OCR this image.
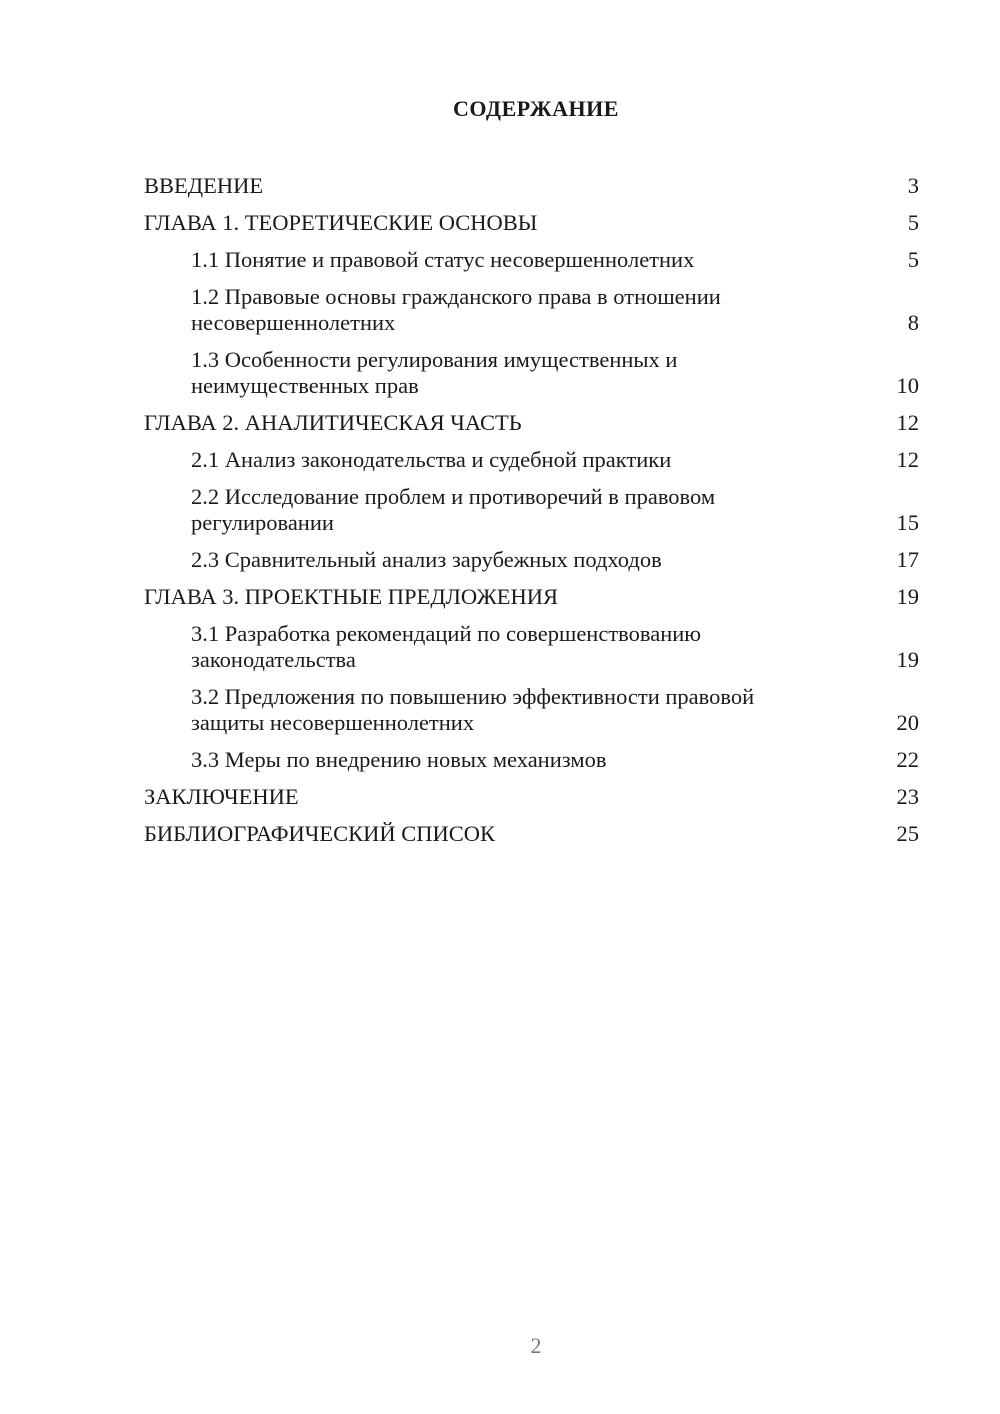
СОДЕРЖАНИЕ
ВВЕДЕНИЕ	3
ГЛАВА 1. ТЕОРЕТИЧЕСКИЕ ОСНОВЫ	5
1.1 Понятие и правовой статус несовершеннолетних	5
1.2 Правовые основы гражданского права в отношении несовершеннолетних	8
1.3 Особенности регулирования имущественных и неимущественных прав	10
ГЛАВА 2. АНАЛИТИЧЕСКАЯ ЧАСТЬ	12
2.1 Анализ законодательства и судебной практики	12
2.2 Исследование проблем и противоречий в правовом регулировании	15
2.3 Сравнительный анализ зарубежных подходов	17
ГЛАВА 3. ПРОЕКТНЫЕ ПРЕДЛОЖЕНИЯ	19
3.1 Разработка рекомендаций по совершенствованию законодательства	19
3.2 Предложения по повышению эффективности правовой защиты несовершеннолетних	20
3.3 Меры по внедрению новых механизмов	22
ЗАКЛЮЧЕНИЕ	23
БИБЛИОГРАФИЧЕСКИЙ СПИСОК	25
2
